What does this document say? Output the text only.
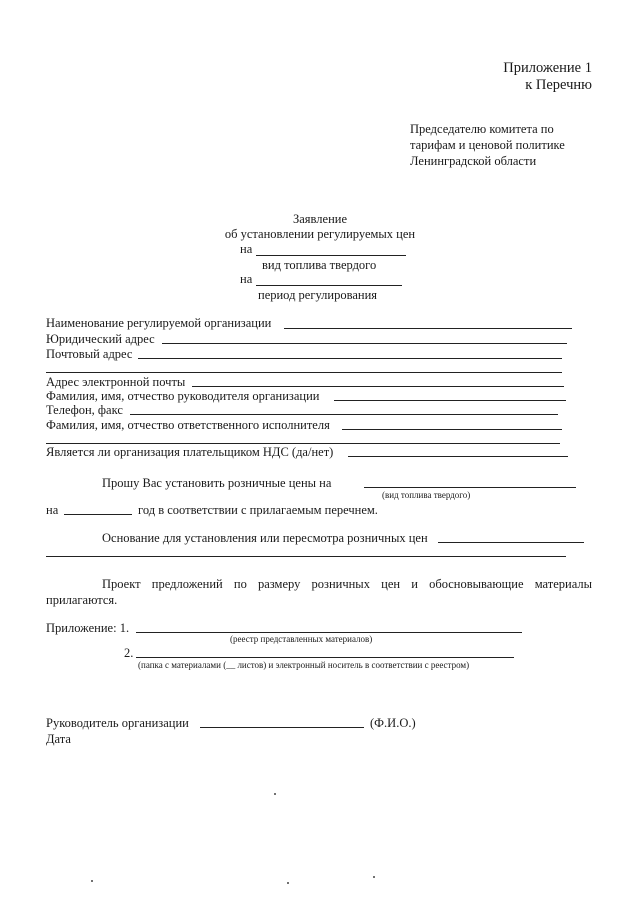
Приложение 1
к Перечню
Председателю комитета по
тарифам и ценовой политике
Ленинградской области
Заявление
об установлении регулируемых цен
на
вид топлива твердого
на
период регулирования
Наименование регулируемой организации
Юридический адрес
Почтовый адрес
Адрес электронной почты
Фамилия, имя, отчество руководителя организации
Телефон, факс
Фамилия, имя, отчество ответственного исполнителя
Является ли организация плательщиком НДС (да/нет)
Прошу Вас установить розничные цены на
(вид топлива твердого)
на	год в соответствии с прилагаемым перечнем.
Основание для установления или пересмотра розничных цен
Проект предложений по размеру розничных цен и обосновывающие материалы
прилагаются.
Приложение: 1.
(реестр представленных материалов)
2.
(папка с материалами (__ листов) и электронный носитель в соответствии с реестром)
Руководитель организации	(Ф.И.О.)
Дата
